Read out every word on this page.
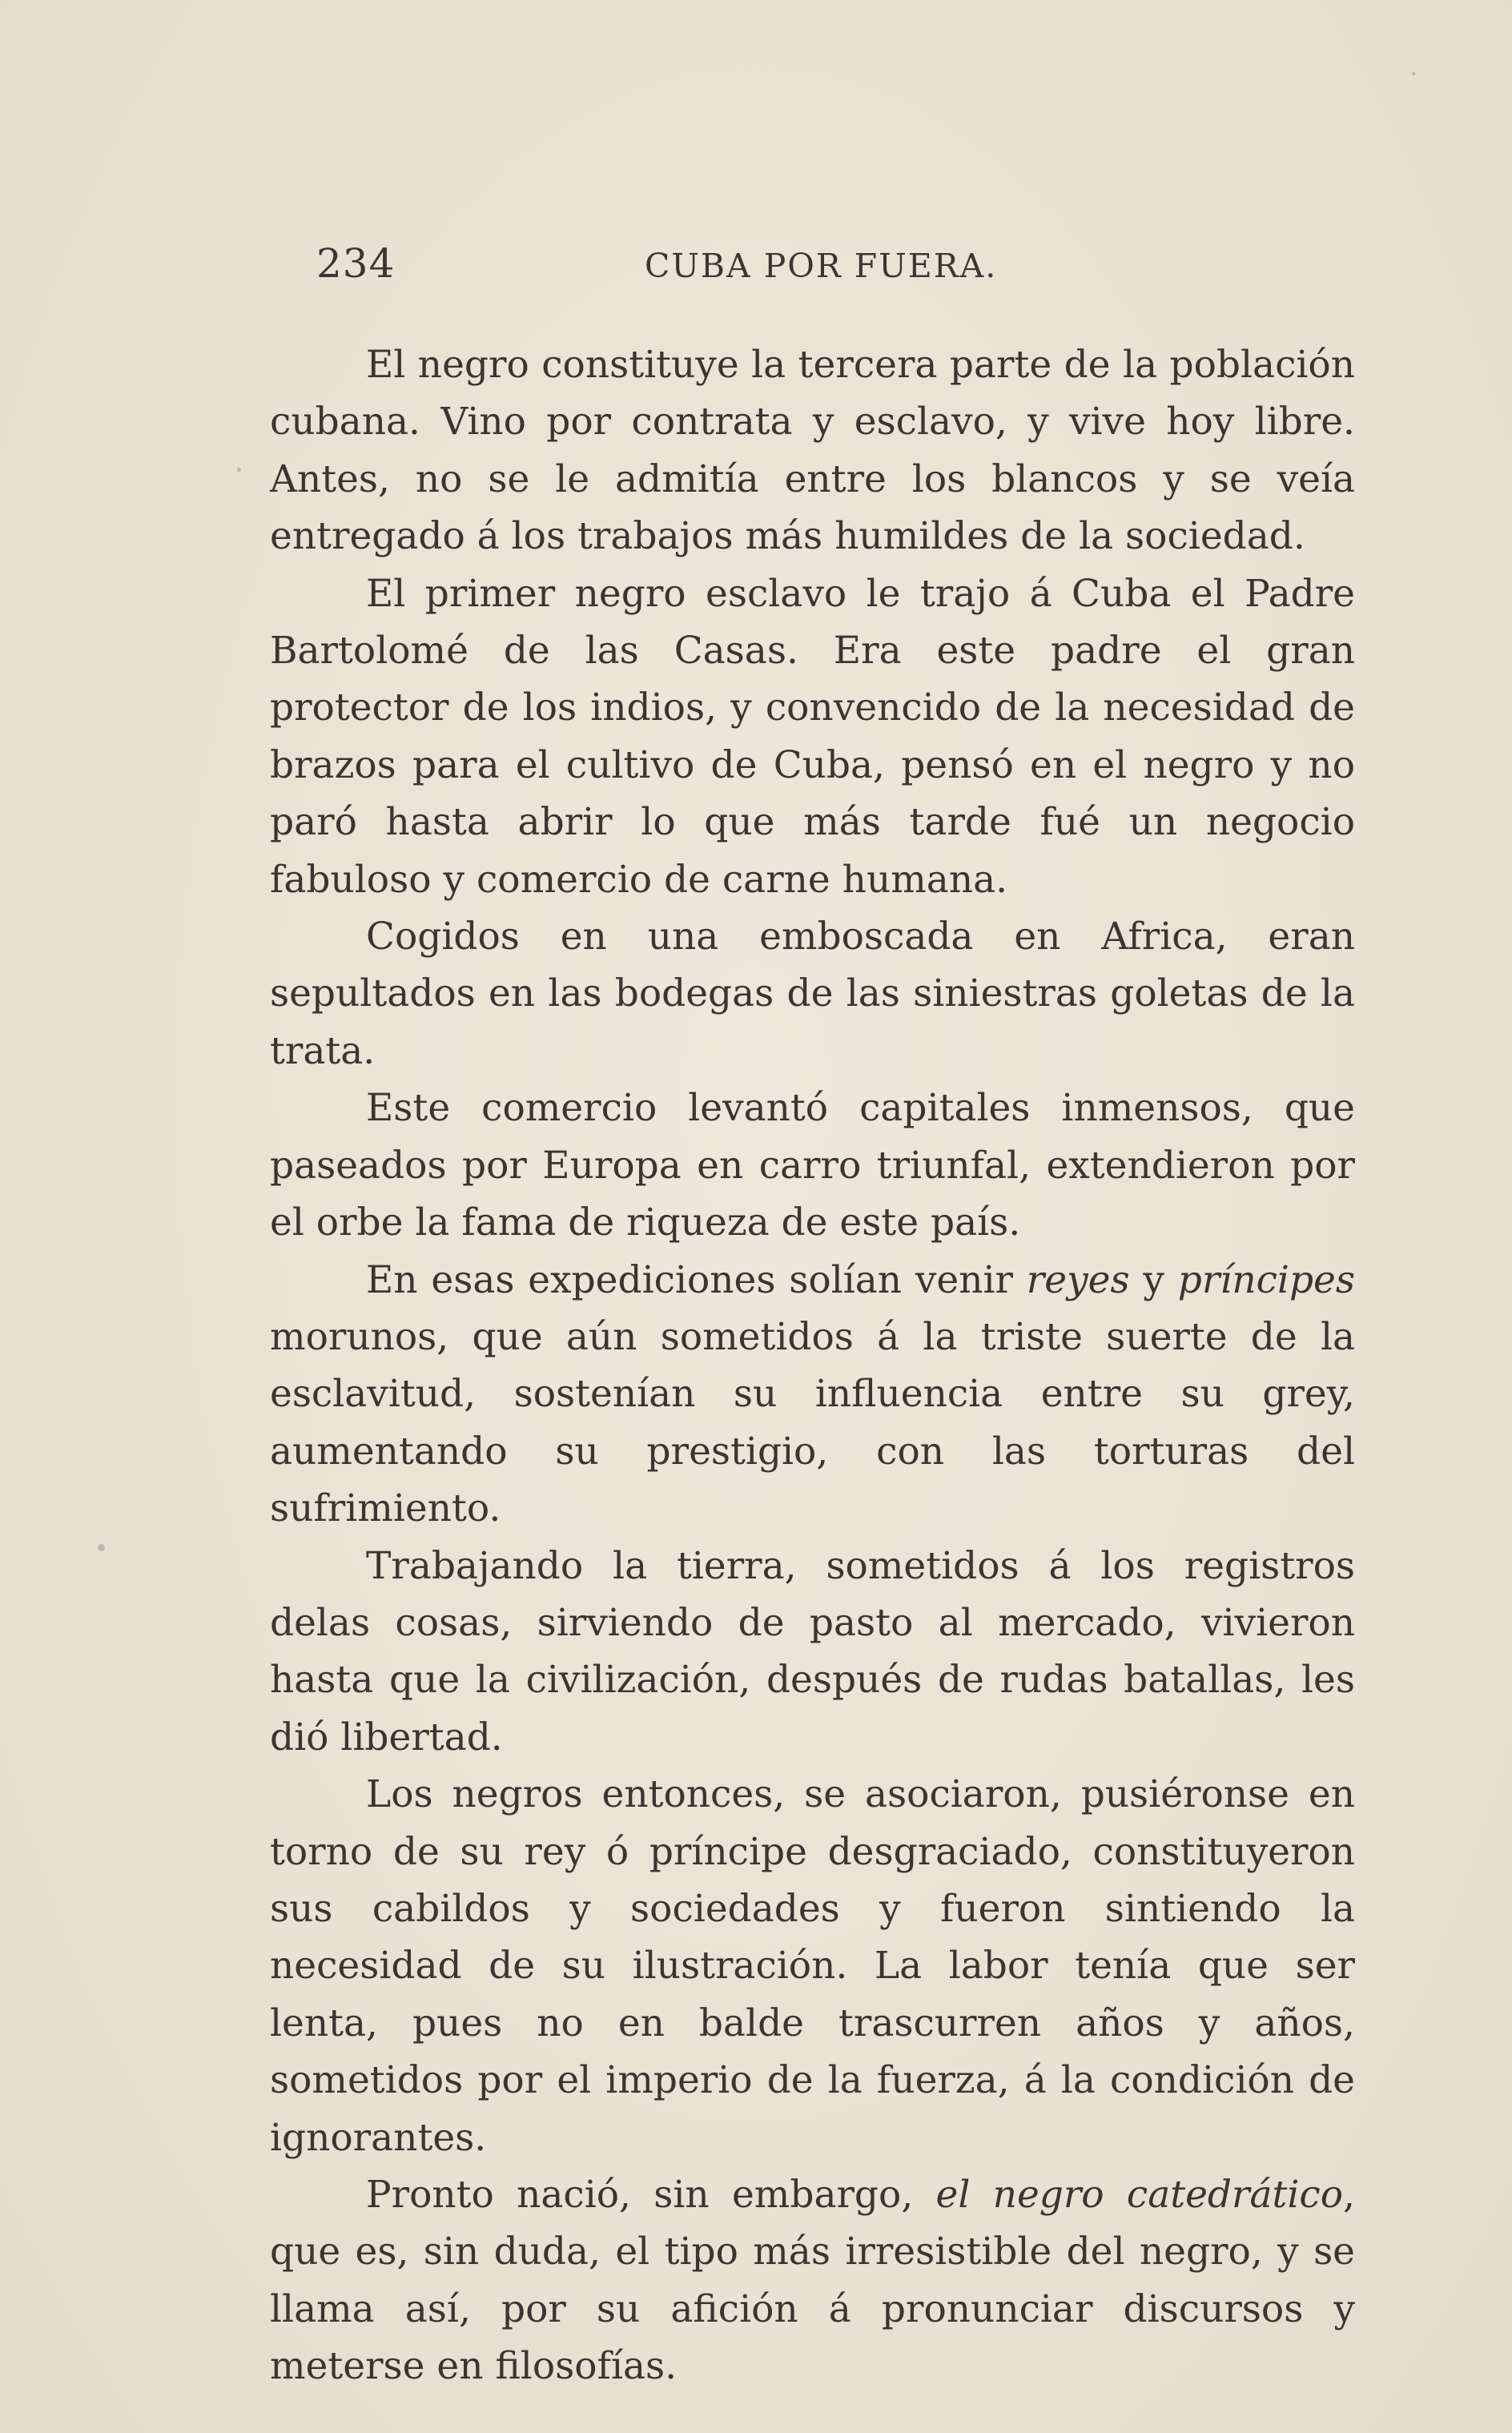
234	CUBA POR FUERA.

El negro constituye la tercera parte de la población cubana. Vino por contrata y esclavo, y vive hoy libre. Antes, no se le admitía entre los blancos y se veía entregado á los trabajos más humildes de la sociedad.

El primer negro esclavo le trajo á Cuba el Padre Bartolomé de las Casas. Era este padre el gran protector de los indios, y convencido de la necesidad de brazos para el cultivo de Cuba, pensó en el negro y no paró hasta abrir lo que más tarde fué un negocio fabuloso y comercio de carne humana.

Cogidos en una emboscada en Africa, eran sepultados en las bodegas de las siniestras goletas de la trata.

Este comercio levantó capitales inmensos, que paseados por Europa en carro triunfal, extendieron por el orbe la fama de riqueza de este país.

En esas expediciones solían venir reyes y príncipes morunos, que aún sometidos á la triste suerte de la esclavitud, sostenían su influencia entre su grey, aumentando su prestigio, con las torturas del sufrimiento.

Trabajando la tierra, sometidos á los registros delas cosas, sirviendo de pasto al mercado, vivieron hasta que la civilización, después de rudas batallas, les dió libertad.

Los negros entonces, se asociaron, pusiéronse en torno de su rey ó príncipe desgraciado, constituyeron sus cabildos y sociedades y fueron sintiendo la necesidad de su ilustración. La labor tenía que ser lenta, pues no en balde trascurren años y años, sometidos por el imperio de la fuerza, á la condición de ignorantes.

Pronto nació, sin embargo, el negro catedrático, que es, sin duda, el tipo más irresistible del negro, y se llama así, por su afición á pronunciar discursos y meterse en filosofías.
